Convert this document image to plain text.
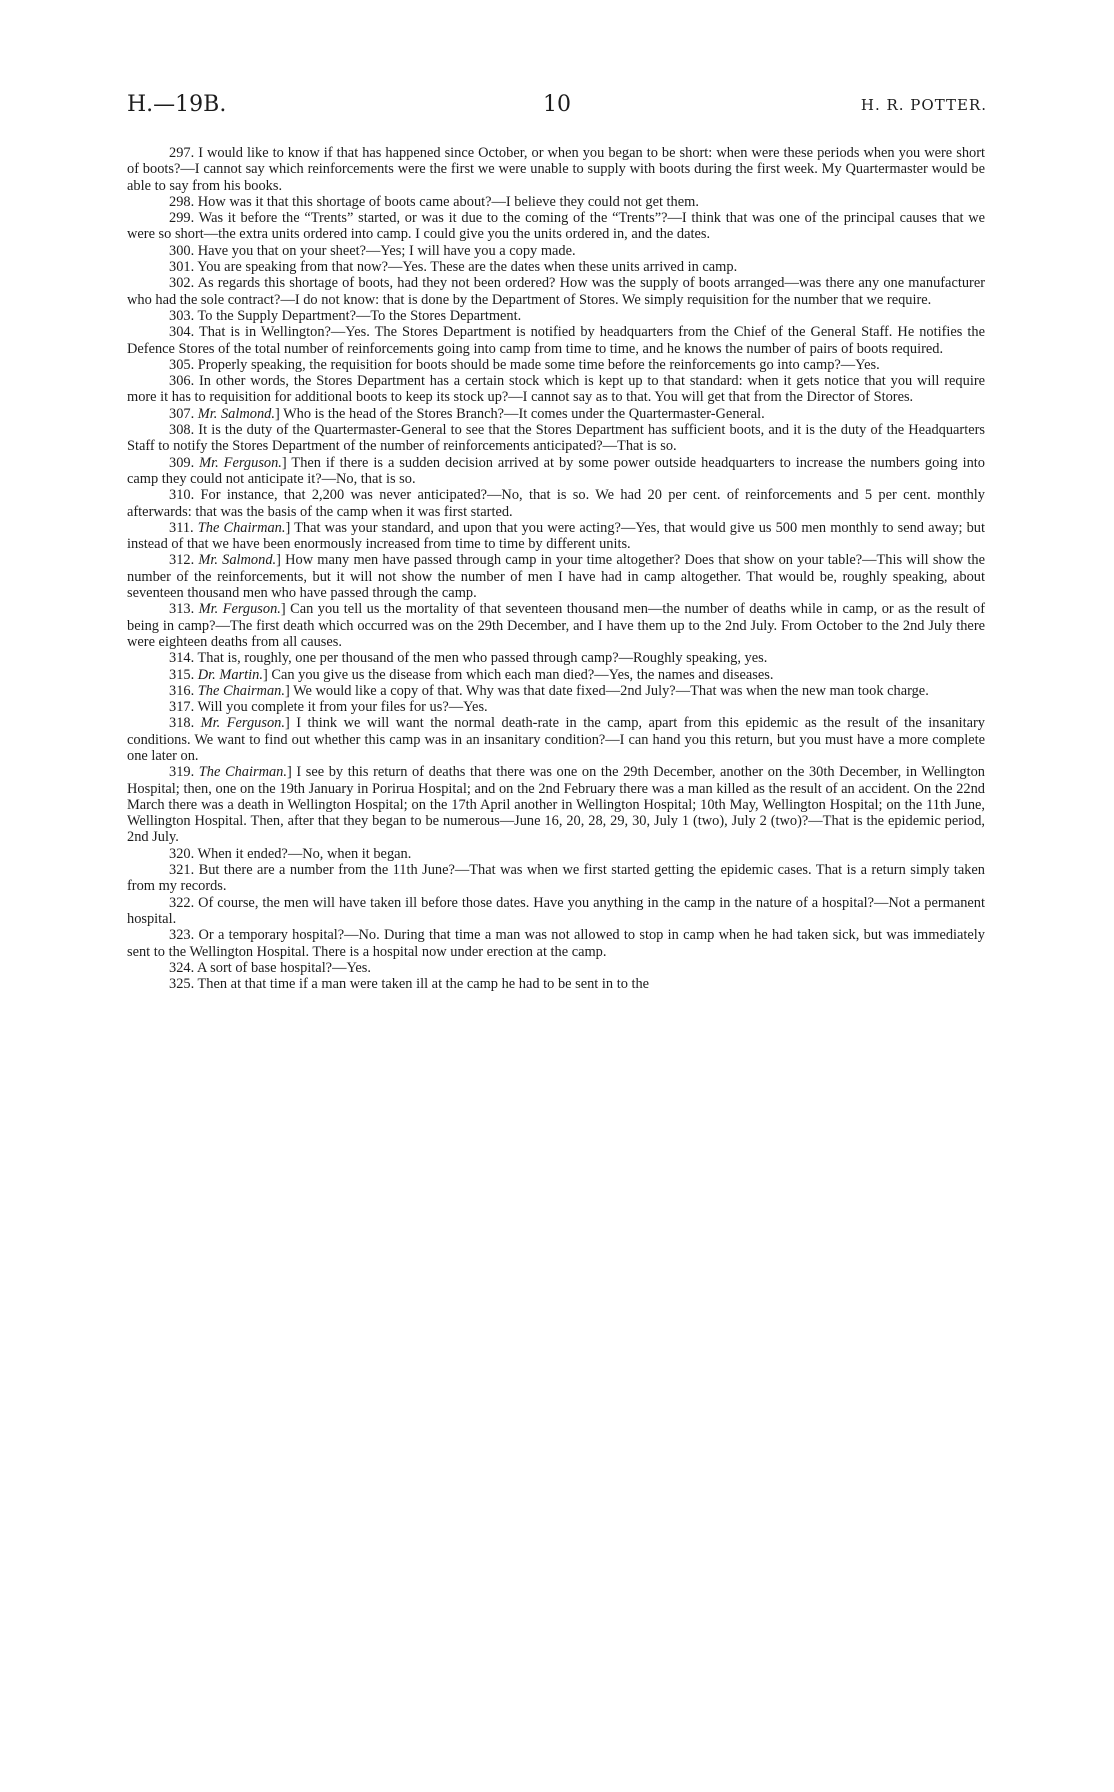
H.—19B.	10	H. R. POTTER.

297. I would like to know if that has happened since October, or when you began to be short: when were these periods when you were short of boots?—I cannot say which reinforcements were the first we were unable to supply with boots during the first week. My Quartermaster would be able to say from his books.

298. How was it that this shortage of boots came about?—I believe they could not get them.

299. Was it before the “Trents” started, or was it due to the coming of the “Trents”?—I think that was one of the principal causes that we were so short—the extra units ordered into camp. I could give you the units ordered in, and the dates.

300. Have you that on your sheet?—Yes; I will have you a copy made.

301. You are speaking from that now?—Yes. These are the dates when these units arrived in camp.

302. As regards this shortage of boots, had they not been ordered? How was the supply of boots arranged—was there any one manufacturer who had the sole contract?—I do not know: that is done by the Department of Stores. We simply requisition for the number that we require.

303. To the Supply Department?—To the Stores Department.

304. That is in Wellington?—Yes. The Stores Department is notified by headquarters from the Chief of the General Staff. He notifies the Defence Stores of the total number of reinforcements going into camp from time to time, and he knows the number of pairs of boots required.

305. Properly speaking, the requisition for boots should be made some time before the reinforcements go into camp?—Yes.

306. In other words, the Stores Department has a certain stock which is kept up to that standard: when it gets notice that you will require more it has to requisition for additional boots to keep its stock up?—I cannot say as to that. You will get that from the Director of Stores.

307. Mr. Salmond.] Who is the head of the Stores Branch?—It comes under the Quartermaster-General.

308. It is the duty of the Quartermaster-General to see that the Stores Department has sufficient boots, and it is the duty of the Headquarters Staff to notify the Stores Department of the number of reinforcements anticipated?—That is so.

309. Mr. Ferguson.] Then if there is a sudden decision arrived at by some power outside headquarters to increase the numbers going into camp they could not anticipate it?—No, that is so.

310. For instance, that 2,200 was never anticipated?—No, that is so. We had 20 per cent. of reinforcements and 5 per cent. monthly afterwards: that was the basis of the camp when it was first started.

311. The Chairman.] That was your standard, and upon that you were acting?—Yes, that would give us 500 men monthly to send away; but instead of that we have been enormously increased from time to time by different units.

312. Mr. Salmond.] How many men have passed through camp in your time altogether? Does that show on your table?—This will show the number of the reinforcements, but it will not show the number of men I have had in camp altogether. That would be, roughly speaking, about seventeen thousand men who have passed through the camp.

313. Mr. Ferguson.] Can you tell us the mortality of that seventeen thousand men—the number of deaths while in camp, or as the result of being in camp?—The first death which occurred was on the 29th December, and I have them up to the 2nd July. From October to the 2nd July there were eighteen deaths from all causes.

314. That is, roughly, one per thousand of the men who passed through camp?—Roughly speaking, yes.

315. Dr. Martin.] Can you give us the disease from which each man died?—Yes, the names and diseases.

316. The Chairman.] We would like a copy of that. Why was that date fixed—2nd July?—That was when the new man took charge.

317. Will you complete it from your files for us?—Yes.

318. Mr. Ferguson.] I think we will want the normal death-rate in the camp, apart from this epidemic as the result of the insanitary conditions. We want to find out whether this camp was in an insanitary condition?—I can hand you this return, but you must have a more complete one later on.

319. The Chairman.] I see by this return of deaths that there was one on the 29th December, another on the 30th December, in Wellington Hospital; then, one on the 19th January in Porirua Hospital; and on the 2nd February there was a man killed as the result of an accident. On the 22nd March there was a death in Wellington Hospital; on the 17th April another in Wellington Hospital; 10th May, Wellington Hospital; on the 11th June, Wellington Hospital. Then, after that they began to be numerous—June 16, 20, 28, 29, 30, July 1 (two), July 2 (two)?—That is the epidemic period, 2nd July.

320. When it ended?—No, when it began.

321. But there are a number from the 11th June?—That was when we first started getting the epidemic cases. That is a return simply taken from my records.

322. Of course, the men will have taken ill before those dates. Have you anything in the camp in the nature of a hospital?—Not a permanent hospital.

323. Or a temporary hospital?—No. During that time a man was not allowed to stop in camp when he had taken sick, but was immediately sent to the Wellington Hospital. There is a hospital now under erection at the camp.

324. A sort of base hospital?—Yes.

325. Then at that time if a man were taken ill at the camp he had to be sent in to the
